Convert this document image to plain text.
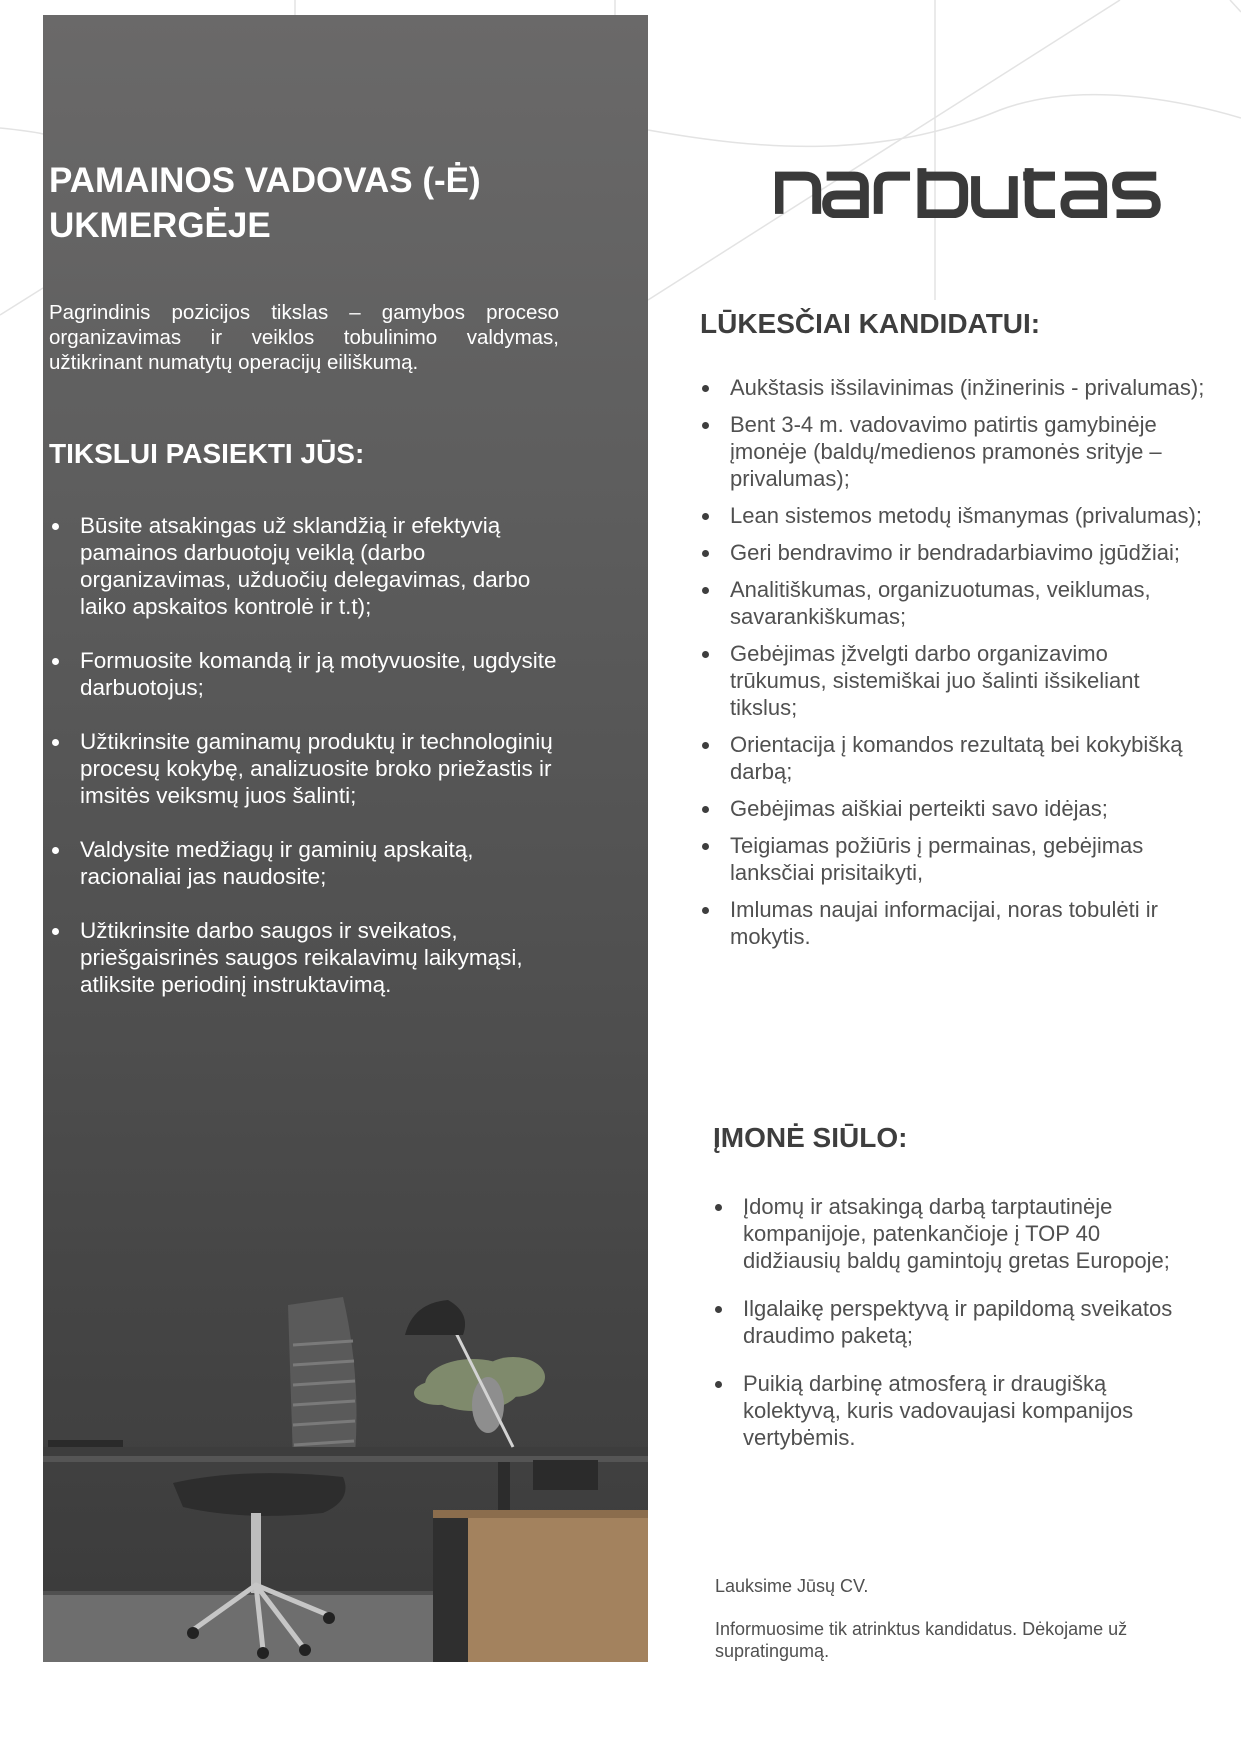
PAMAINOS VADOVAS (-Ė)
UKMERGĖJE

Pagrindinis pozicijos tikslas – gamybos proceso organizavimas ir veiklos tobulinimo valdymas, užtikrinant numatytų operacijų eiliškumą.

TIKSLUI PASIEKTI JŪS:
Būsite atsakingas už sklandžią ir efektyvią pamainos darbuotojų veiklą (darbo organizavimas, užduočių delegavimas, darbo laiko apskaitos kontrolė ir t.t);
Formuosite komandą ir ją motyvuosite, ugdysite darbuotojus;
Užtikrinsite gaminamų produktų ir technologinių procesų kokybę, analizuosite broko priežastis ir imsitės veiksmų juos šalinti;
Valdysite medžiagų ir gaminių apskaitą, racionaliai jas naudosite;
Užtikrinsite darbo saugos ir sveikatos, priešgaisrinės saugos reikalavimų laikymąsi, atliksite periodinį instruktavimą.
LŪKESČIAI KANDIDATUI:
Aukštasis išsilavinimas (inžinerinis - privalumas);
Bent 3-4 m. vadovavimo patirtis gamybinėje įmonėje (baldų/medienos pramonės srityje – privalumas);
Lean sistemos metodų išmanymas (privalumas);
Geri bendravimo ir bendradarbiavimo įgūdžiai;
Analitiškumas, organizuotumas, veiklumas, savarankiškumas;
Gebėjimas įžvelgti darbo organizavimo trūkumus, sistemiškai juo šalinti išsikeliant tikslus;
Orientacija į komandos rezultatą bei kokybišką darbą;
Gebėjimas aiškiai perteikti savo idėjas;
Teigiamas požiūris į permainas, gebėjimas lanksčiai prisitaikyti,
Imlumas naujai informacijai, noras tobulėti ir mokytis.
ĮMONĖ SIŪLO:
Įdomų ir atsakingą darbą tarptautinėje kompanijoje, patenkančioje į TOP 40 didžiausių baldų gamintojų gretas Europoje;
Ilgalaikę perspektyvą ir papildomą sveikatos draudimo paketą;
Puikią darbinę atmosferą ir draugišką kolektyvą, kuris vadovaujasi kompanijos vertybėmis.

Lauksime Jūsų CV.

Informuosime tik atrinktus kandidatus. Dėkojame už supratingumą.
